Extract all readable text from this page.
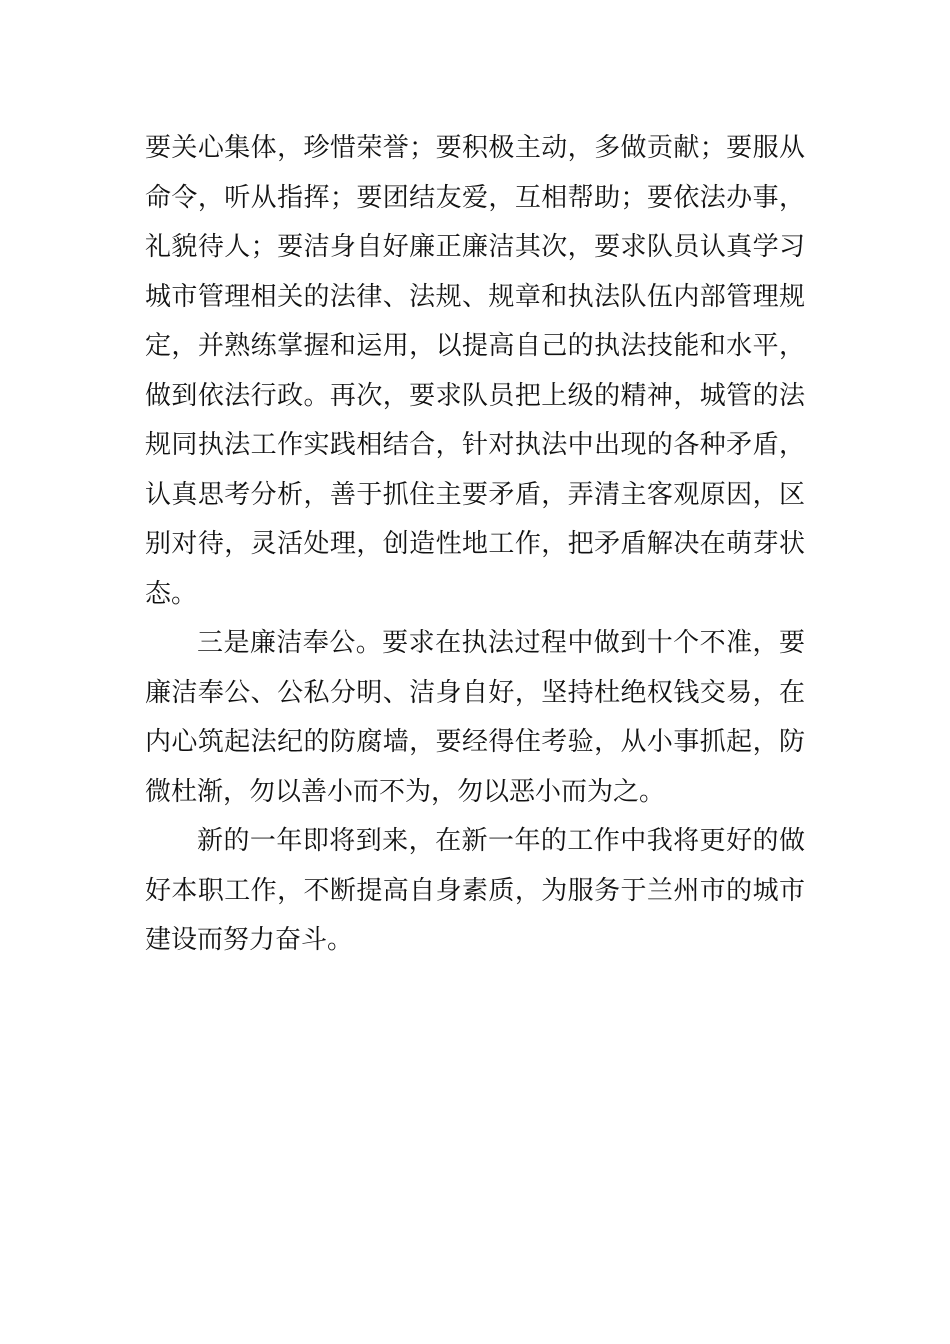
要关心集体，珍惜荣誉；要积极主动，多做贡献；要服从
命令，听从指挥；要团结友爱，互相帮助；要依法办事，
礼貌待人；要洁身自好廉正廉洁其次，要求队员认真学习
城市管理相关的法律、法规、规章和执法队伍内部管理规
定，并熟练掌握和运用，以提高自己的执法技能和水平，
做到依法行政。再次，要求队员把上级的精神，城管的法
规同执法工作实践相结合，针对执法中出现的各种矛盾，
认真思考分析，善于抓住主要矛盾，弄清主客观原因，区
别对待，灵活处理，创造性地工作，把矛盾解决在萌芽状
态。
三是廉洁奉公。要求在执法过程中做到十个不准，要
廉洁奉公、公私分明、洁身自好，坚持杜绝权钱交易，在
内心筑起法纪的防腐墙，要经得住考验，从小事抓起，防
微杜渐，勿以善小而不为，勿以恶小而为之。
新的一年即将到来，在新一年的工作中我将更好的做
好本职工作，不断提高自身素质，为服务于兰州市的城市
建设而努力奋斗。
